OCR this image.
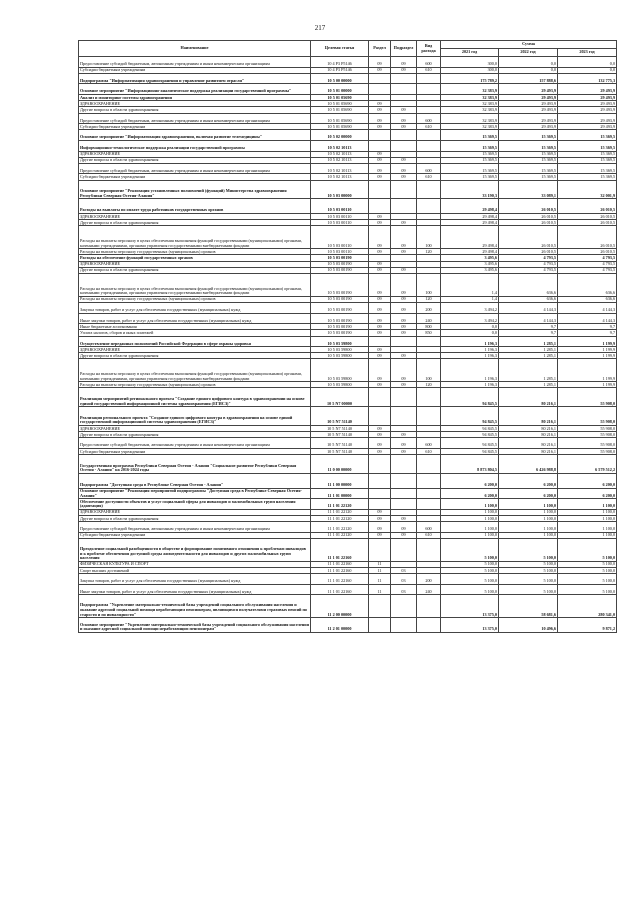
217
Наименование	Целевая статья	Раздел	Подраздел	Вид расхода	Сумма		
					2021 год	2022 год	2023 год
Предоставление субсидий бюджетным, автономным учреждениям и иным некоммерческим организациям	10 4 Р3 Р5146	09	09	600	300,0	0,0	0,0
Субсидии бюджетным учреждениям	10 4 Р3 Р5146	09	09	610	300,0	0,0	0,0
Подпрограмма "Информатизация здравоохранения и управление развитием отрасли"	10 5 00 00000				175 789,2	157 888,6	132 775,3
Основное мероприятие "Информационно-аналитическое поддержка реализации государственной программы"	10 5 01 00000				32 383,9	29 493,9	29 493,9
Анализ и мониторинг системы здравоохранения	10 5 01 05690				32 383,9	29 493,9	29 493,9
ЗДРАВООХРАНЕНИЕ	10 5 01 05690	09			32 383,9	29 493,9	29 493,9
Другие вопросы в области здравоохранения	10 5 01 05690	09	09		32 383,9	29 493,9	29 493,9
Предоставление субсидий бюджетным, автономным учреждениям и иным некоммерческим организациям	10 5 01 05690	09	09	600	32 383,9	29 493,9	29 493,9
Субсидии бюджетным учреждениям	10 5 01 05690	09	09	610	32 383,9	29 493,9	29 493,9
Основное мероприятие "Информатизация здравоохранения, включая развитие телемедицины"	10 5 02 00000				15 369,5	15 369,5	15 369,5
Информационно-технологическое поддержка реализации государственной программы	10 5 02 10113				15 369,5	15 369,5	15 369,5
ЗДРАВООХРАНЕНИЕ	10 5 02 10113	09			15 369,5	15 369,5	15 369,5
Другие вопросы в области здравоохранения	10 5 02 10113	09	09		15 369,5	15 369,5	15 369,5
Предоставление субсидий бюджетным, автономным учреждениям и иным некоммерческим организациям	10 5 02 10113	09	09	600	15 369,5	15 369,5	15 369,5
Субсидии бюджетным учреждениям	10 5 02 10113	09	09	610	15 369,5	15 369,5	15 369,5
Основное мероприятие "Реализация установленных полномочий (функций) Министерства здравоохранения Республики Северная Осетия-Алания"	10 5 03 00000				33 190,3	33 089,1	32 001,9
Расходы на выплаты по оплате труда работников государственных органов	10 5 03 00110				29 498,4	26 010,5	26 010,5
ЗДРАВООХРАНЕНИЕ	10 5 03 00110	09			29 498,4	26 010,5	26 010,5
Другие вопросы в области здравоохранения	10 5 03 00110	09	09		29 498,4	26 010,5	26 010,5
Расходы на выплаты персоналу в целях обеспечения выполнения функций государственными (муниципальными) органами, казенными учреждениями, органами управления государственными внебюджетными фондами	10 5 03 00110	09	09	100	29 498,4	26 010,5	26 010,5
Расходы на выплаты персоналу государственных (муниципальных) органов	10 5 03 00110	09	09	120	29 498,4	26 010,5	26 010,5
Расходы на обеспечение функций государственных органов	10 5 03 00190				3 495,6	4 793,5	4 793,5
ЗДРАВООХРАНЕНИЕ	10 5 03 00190	09			3 495,6	4 793,5	4 793,5
Другие вопросы в области здравоохранения	10 5 03 00190	09	09		3 495,6	4 793,5	4 793,5
Расходы на выплаты персоналу в целях обеспечения выполнения функций государственными (муниципальными) органами, казенными учреждениями, органами управления государственными внебюджетными фондами	10 5 03 00190	09	09	100	1,4	636,6	636,6
Расходы на выплаты персоналу государственных (муниципальных) органов	10 5 03 00190	09	09	120	1,4	636,6	636,6
Закупка товаров, работ и услуг для обеспечения государственных (муниципальных) нужд	10 5 03 00190	09	09	200	3 494,2	4 144,3	4 144,3
Иные закупки товаров, работ и услуг для обеспечения государственных (муниципальных) нужд	10 5 03 00190	09	09	240	3 494,2	4 144,3	4 144,3
Иные бюджетные ассигнования	10 5 03 00190	09	09	800	0,0	9,7	9,7
Уплата налогов, сборов и иных платежей	10 5 03 00190	09	09	850	0,0	9,7	9,7
Осуществление переданных полномочий Российской Федерации в сфере охраны здоровья	10 5 03 59800				1 196,3	1 285,1	1 199,9
ЗДРАВООХРАНЕНИЕ	10 5 03 59800	09			1 196,3	1 285,1	1 199,9
Другие вопросы в области здравоохранения	10 5 03 59800	09	09		1 196,3	1 285,1	1 199,9
Расходы на выплаты персоналу в целях обеспечения выполнения функций государственными (муниципальными) органами, казенными учреждениями, органами управления государственными внебюджетными фондами	10 5 03 59800	09	09	100	1 196,3	1 285,1	1 199,9
Расходы на выплаты персоналу государственных (муниципальных) органов	10 5 03 59800	09	09	120	1 196,3	1 285,1	1 199,9
Реализация мероприятий регионального проекта "Создание единого цифрового контура в здравоохранении на основе единой государственной информационной системы здравоохранения (ЕГИСЗ)"	10 5 N7 00000				94 845,5	80 216,1	55 908,0
Реализация регионального проекта "Создание единого цифрового контура в здравоохранении на основе единой государственной информационной системы здравоохранения (ЕГИСЗ)"	10 5 N7 51140				94 845,5	80 216,1	55 908,0
ЗДРАВООХРАНЕНИЕ	10 5 N7 51140	09			94 845,5	80 216,1	55 908,0
Другие вопросы в области здравоохранения	10 5 N7 51140	09	09		94 845,5	80 216,1	55 908,0
Предоставление субсидий бюджетным, автономным учреждениям и иным некоммерческим организациям	10 5 N7 51140	09	09	600	94 845,5	80 216,1	55 908,0
Субсидии бюджетным учреждениям	10 5 N7 51140	09	09	610	94 845,5	80 216,1	55 908,0
Государственная программа Республики Северная Осетия - Алания "Социальное развитие Республики Северная Осетия - Алания" на 2016-2024 годы	11 0 00 00000				8 873 804,5	6 426 988,8	6 579 512,2
Подпрограмма "Доступная среда в Республике Северная Осетия - Алания"	11 1 00 00000				6 200,0	6 200,0	6 200,0
Основное мероприятие "Реализация мероприятий подпрограммы "Доступная среда в Республике Северная Осетия-Алания"	11 1 01 00000				6 200,0	6 200,0	6 200,0
Обеспечение доступности объектов и услуг социальной сферы для инвалидов и маломобильных групп населения (адаптация)	11 1 01 22120				1 100,0	1 100,0	1 100,0
ЗДРАВООХРАНЕНИЕ	11 1 01 22120	09			1 100,0	1 100,0	1 100,0
Другие вопросы в области здравоохранения	11 1 01 22120	09	09		1 100,0	1 100,0	1 100,0
Предоставление субсидий бюджетным, автономным учреждениям и иным некоммерческим организациям	11 1 01 22120	09	09	600	1 100,0	1 100,0	1 100,0
Субсидии бюджетным учреждениям	11 1 01 22120	09	09	610	1 100,0	1 100,0	1 100,0
Преодоление социальной разобщенности в обществе и формирование позитивного отношения к проблемам инвалидов и к проблеме обеспечения доступной среды жизнедеятельности для инвалидов и других маломобильных групп населения	11 1 01 22160				5 100,0	5 100,0	5 100,0
ФИЗИЧЕСКАЯ КУЛЬТУРА И СПОРТ	11 1 01 22160	11			5 100,0	5 100,0	5 100,0
Спорт высших достижений	11 1 01 22160	11	03		5 100,0	5 100,0	5 100,0
Закупка товаров, работ и услуг для обеспечения государственных (муниципальных) нужд	11 1 01 22160	11	03	200	5 100,0	5 100,0	5 100,0
Иные закупки товаров, работ и услуг для обеспечения государственных (муниципальных) нужд	11 1 01 22160	11	03	240	5 100,0	5 100,0	5 100,0
Подпрограмма "Укрепление материально-технической базы учреждений социального обслуживания населения и оказание адресной социальной помощи неработающим пенсионерам, являющимся получателями страховых пенсий по старости и по инвалидности"	11 2 00 00000				13 375,0	58 681,6	280 341,0
Основное мероприятие "Укрепление материально-технической базы учреждений социального обслуживания населения и оказание адресной социальной помощи неработающим пенсионерам"	11 2 01 00000				13 375,0	10 496,6	9 871,2
